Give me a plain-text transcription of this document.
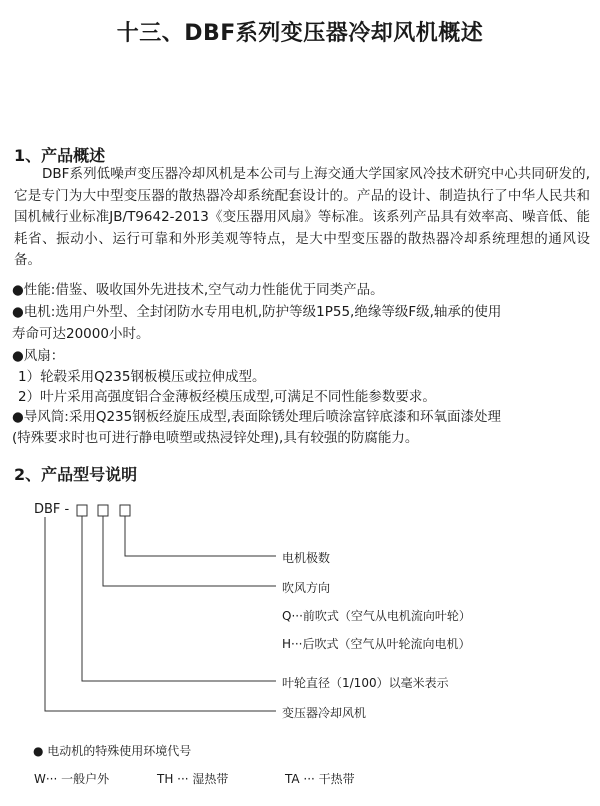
十三、DBF系列变压器冷却风机概述
1、产品概述

DBF系列低噪声变压器冷却风机是本公司与上海交通大学国家风冷技术研究中心共同研发的,它是专门为大中型变压器的散热器冷却系统配套设计的。产品的设计、制造执行了中华人民共和国机械行业标准JB/T9642-2013《变压器用风扇》等标准。该系列产品具有效率高、噪音低、能耗省、振动小、运行可靠和外形美观等特点，是大中型变压器的散热器冷却系统理想的通风设备。

●性能:借鉴、吸收国外先进技术,空气动力性能优于同类产品。
●电机:选用户外型、全封闭防水专用电机,防护等级1P55,绝缘等级F级,轴承的使用
寿命可达20000小时。
●风扇：
1）轮毂采用Q235钢板模压或拉伸成型。
2）叶片采用高强度铝合金薄板经模压成型,可满足不同性能参数要求。
●导风筒:采用Q235钢板经旋压成型,表面除锈处理后喷涂富锌底漆和环氧面漆处理
(特殊要求时也可进行静电喷塑或热浸锌处理),具有较强的防腐能力。
2、产品型号说明
DBF -
电机极数
吹风方向
Q···前吹式（空气从电机流向叶轮）
H···后吹式（空气从叶轮流向电机）
叶轮直径（1/100）以毫米表示
变压器冷却风机
● 电动机的特殊使用环境代号
W··· 一般户外	TH ··· 湿热带	TA ··· 干热带
